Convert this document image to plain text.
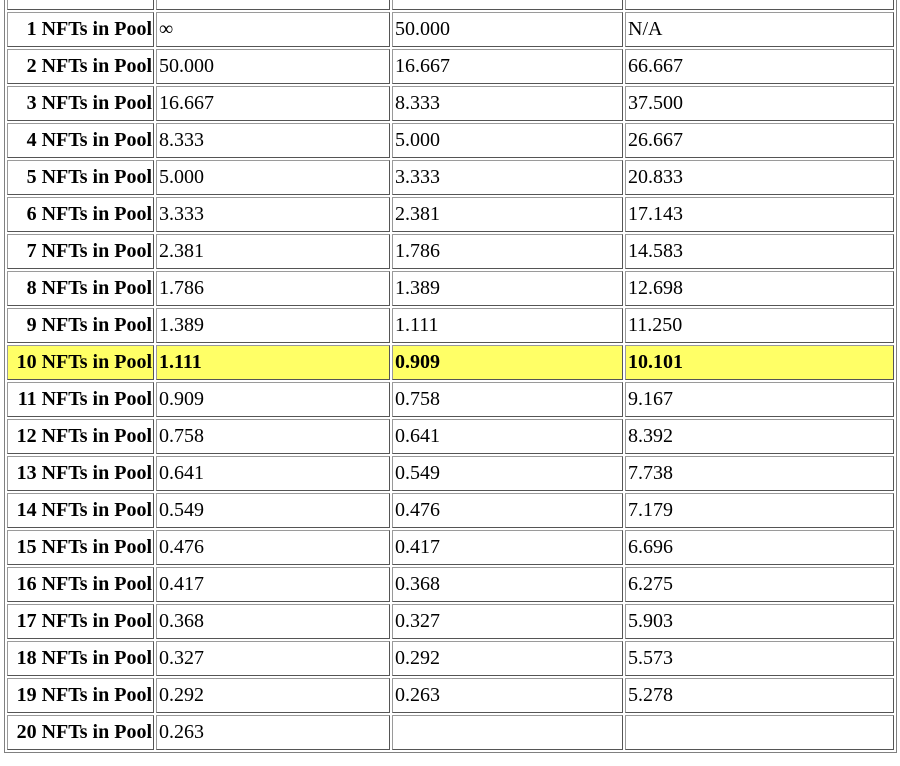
1 NFTs in Pool	∞	50.000	N/A
2 NFTs in Pool	50.000	16.667	66.667
3 NFTs in Pool	16.667	8.333	37.500
4 NFTs in Pool	8.333	5.000	26.667
5 NFTs in Pool	5.000	3.333	20.833
6 NFTs in Pool	3.333	2.381	17.143
7 NFTs in Pool	2.381	1.786	14.583
8 NFTs in Pool	1.786	1.389	12.698
9 NFTs in Pool	1.389	1.111	11.250
10 NFTs in Pool	1.111	0.909	10.101
11 NFTs in Pool	0.909	0.758	9.167
12 NFTs in Pool	0.758	0.641	8.392
13 NFTs in Pool	0.641	0.549	7.738
14 NFTs in Pool	0.549	0.476	7.179
15 NFTs in Pool	0.476	0.417	6.696
16 NFTs in Pool	0.417	0.368	6.275
17 NFTs in Pool	0.368	0.327	5.903
18 NFTs in Pool	0.327	0.292	5.573
19 NFTs in Pool	0.292	0.263	5.278
20 NFTs in Pool	0.263		
